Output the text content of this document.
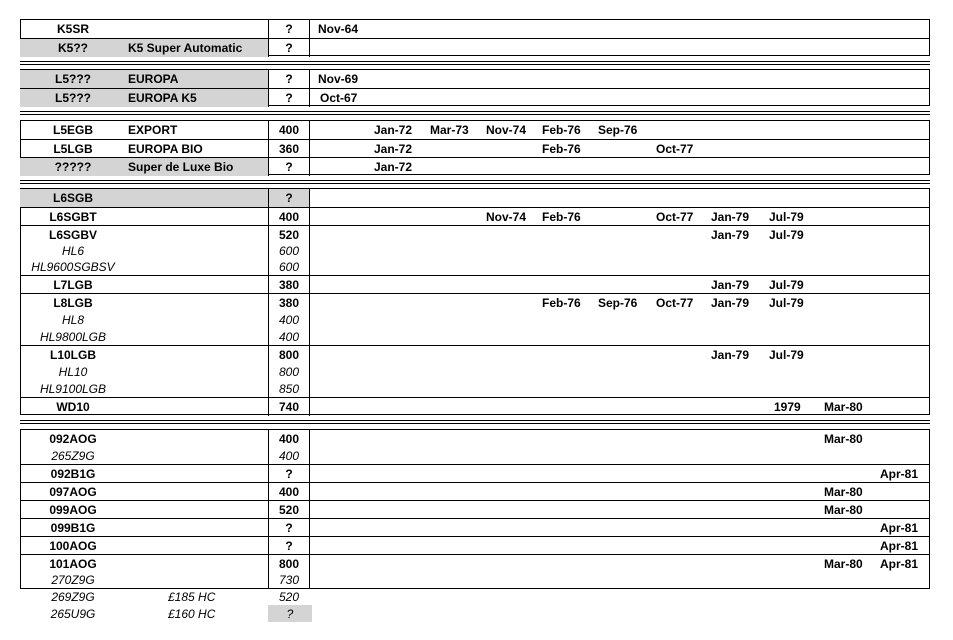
K5SR	?	Nov-64
K5??	K5 Super Automatic	?
L5???	EUROPA	?	Nov-69
L5???	EUROPA K5	?	Oct-67
L5EGB	EXPORT	400	Jan-72 Mar-73 Nov-74 Feb-76 Sep-76
L5LGB	EUROPA BIO	360	Jan-72	Feb-76	Oct-77
?????	Super de Luxe Bio	?	Jan-72
L6SGB	?
L6SGBT	400	Nov-74 Feb-76	Oct-77 Jan-79 Jul-79
L6SGBV	520	Jan-79 Jul-79
HL6	600
HL9600SGBSV	600
L7LGB	380	Jan-79 Jul-79
L8LGB	380	Feb-76 Sep-76 Oct-77 Jan-79 Jul-79
HL8	400
HL9800LGB	400
L10LGB	800	Jan-79 Jul-79
HL10	800
HL9100LGB	850
WD10	740	1979 Mar-80
092AOG	400	Mar-80
265Z9G	400
092B1G	?	Apr-81
097AOG	400	Mar-80
099AOG	520	Mar-80
099B1G	?	Apr-81
100AOG	?	Apr-81
101AOG	800	Mar-80 Apr-81
270Z9G	730
269Z9G	£185 HC	520
265U9G	£160 HC	?
